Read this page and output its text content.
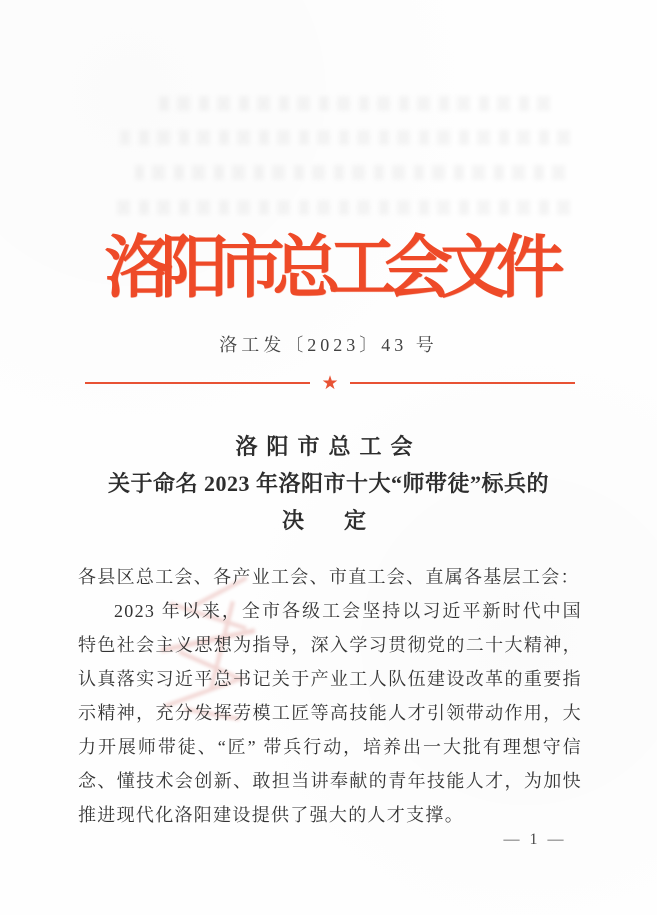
洛阳市总工会文件
洛工发〔2023〕43 号
★
洛阳市总工会
关于命名 2023 年洛阳市十大“师带徒”标兵的
决　定

各县区总工会、各产业工会、市直工会、直属各基层工会：

2023 年以来，全市各级工会坚持以习近平新时代中国特色社会主义思想为指导，深入学习贯彻党的二十大精神，认真落实习近平总书记关于产业工人队伍建设改革的重要指示精神，充分发挥劳模工匠等高技能人才引领带动作用，大力开展师带徒、“匠” 带兵行动，培养出一大批有理想守信念、懂技术会创新、敢担当讲奉献的青年技能人才，为加快推进现代化洛阳建设提供了强大的人才支撑。

— 1 —
